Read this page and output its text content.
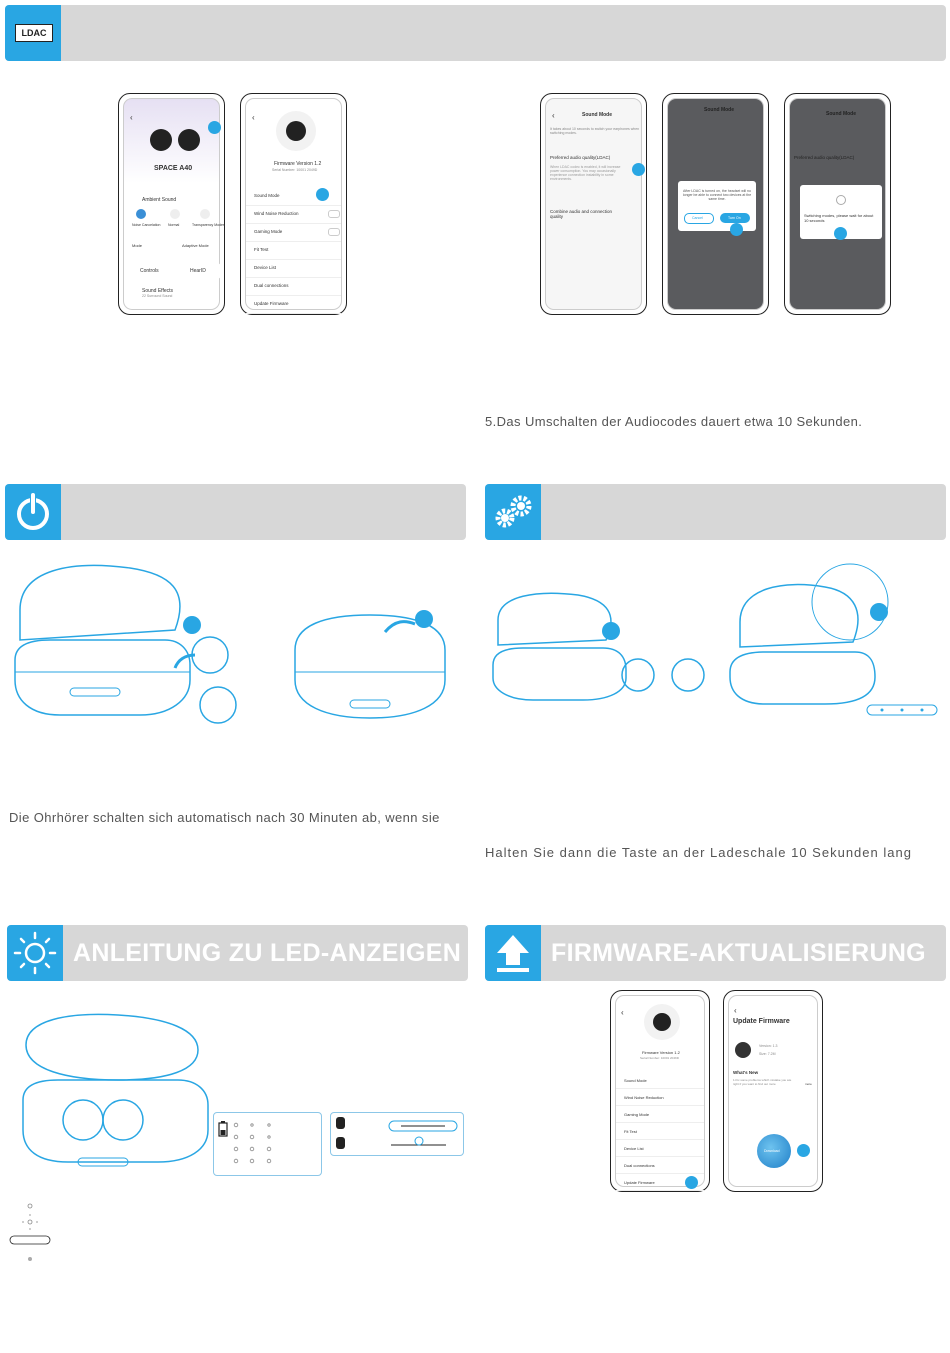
LDAC
‹
SPACE A40
Ambient Sound
Noise Cancelation Normal	Transparency Modes
Mode	Adaptive Mode
Controls	HearID
Sound Effects
22 Surround Sound
‹
Firmware Version 1.2
Serial Number: 10001 2049D
Sound Mode
Wind Noise Reduction
Gaming Mode
Fit Test
Device List
Dual connections
Update Firmware
‹	Sound Mode
It takes about 10 seconds to switch your earphones when switching modes.
Preferred audio quality(LDAC)
When LDAC codec is enabled, it will increase power consumption. You may occasionally experience connection instability in some environments.
Combine audio and connection quality
Sound Mode
After LDAC is turned on, the headset will no longer be able to connect two devices at the same time.
Cancel	Turn On
Sound Mode
Preferred audio quality(LDAC)
Switching modes, please wait for about 10 seconds
5.Das Umschalten der Audiocodes dauert etwa 10 Sekunden.
Die Ohrhörer schalten sich automatisch nach 30 Minuten ab, wenn sie
Halten Sie dann die Taste an der Ladeschale 10 Sekunden lang
ANLEITUNG ZU LED-ANZEIGEN	FIRMWARE-AKTUALISIERUNG
‹
Firmware Version 1.2
Serial Number: 10001 2049D
Sound Mode
Wind Noise Reduction
Gaming Mode
Fit Test
Device List
Dual connections
Update Firmware
‹
Update Firmware
Version: 1.3
Size: 7.2M
What's New
1.Fix some problems which mistake you are right if you want to find out more	more
Download
